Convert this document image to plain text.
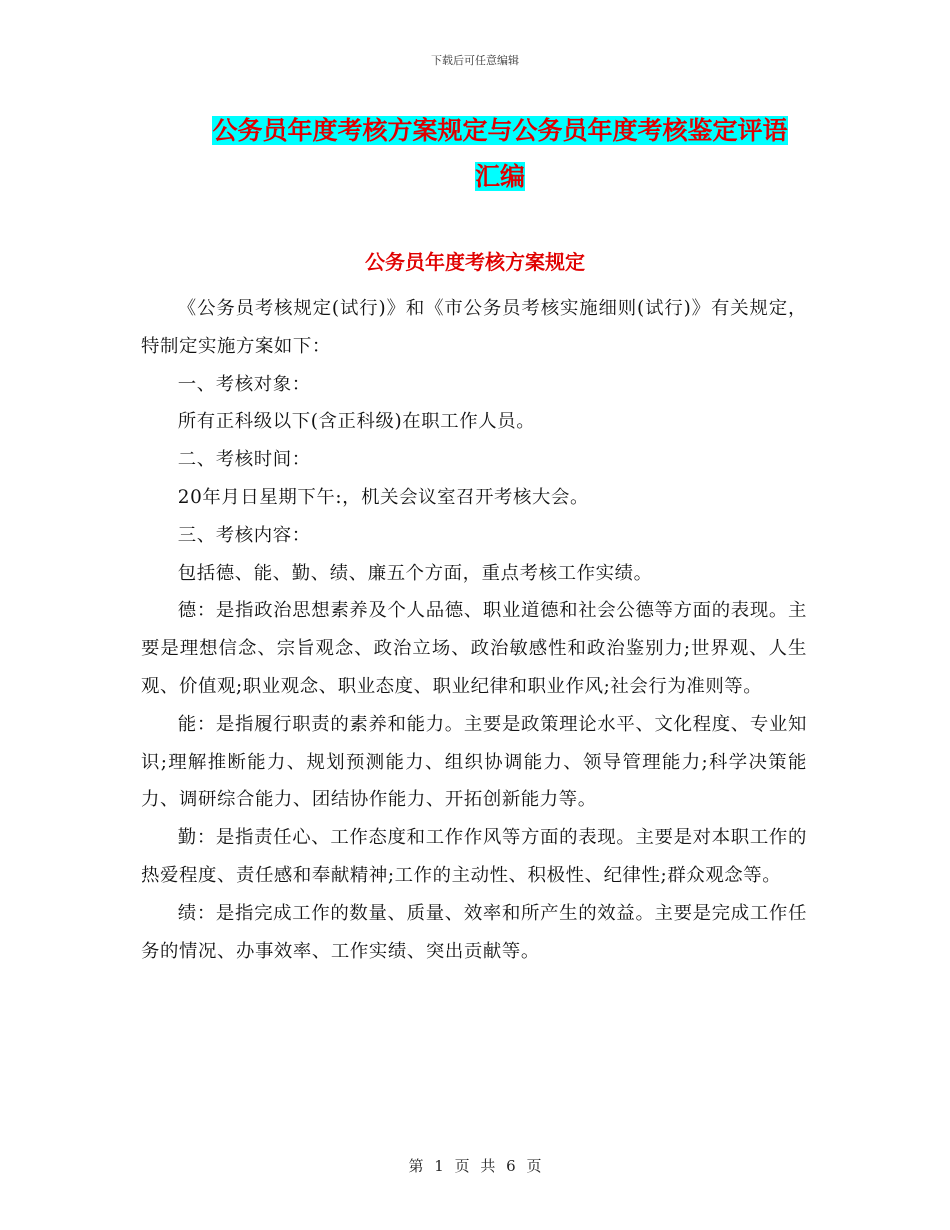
下载后可任意编辑
公务员年度考核方案规定与公务员年度考核鉴定评语
汇编
公务员年度考核方案规定

《公务员考核规定(试行)》和《市公务员考核实施细则(试行)》有关规定，特制定实施方案如下：

一、考核对象：

所有正科级以下(含正科级)在职工作人员。

二、考核时间：

20年月日星期下午:，机关会议室召开考核大会。

三、考核内容：

包括德、能、勤、绩、廉五个方面，重点考核工作实绩。

德：是指政治思想素养及个人品德、职业道德和社会公德等方面的表现。主要是理想信念、宗旨观念、政治立场、政治敏感性和政治鉴别力;世界观、人生观、价值观;职业观念、职业态度、职业纪律和职业作风;社会行为准则等。

能：是指履行职责的素养和能力。主要是政策理论水平、文化程度、专业知识;理解推断能力、规划预测能力、组织协调能力、领导管理能力;科学决策能力、调研综合能力、团结协作能力、开拓创新能力等。

勤：是指责任心、工作态度和工作作风等方面的表现。主要是对本职工作的热爱程度、责任感和奉献精神;工作的主动性、积极性、纪律性;群众观念等。

绩：是指完成工作的数量、质量、效率和所产生的效益。主要是完成工作任务的情况、办事效率、工作实绩、突出贡献等。

第 1 页 共 6 页
